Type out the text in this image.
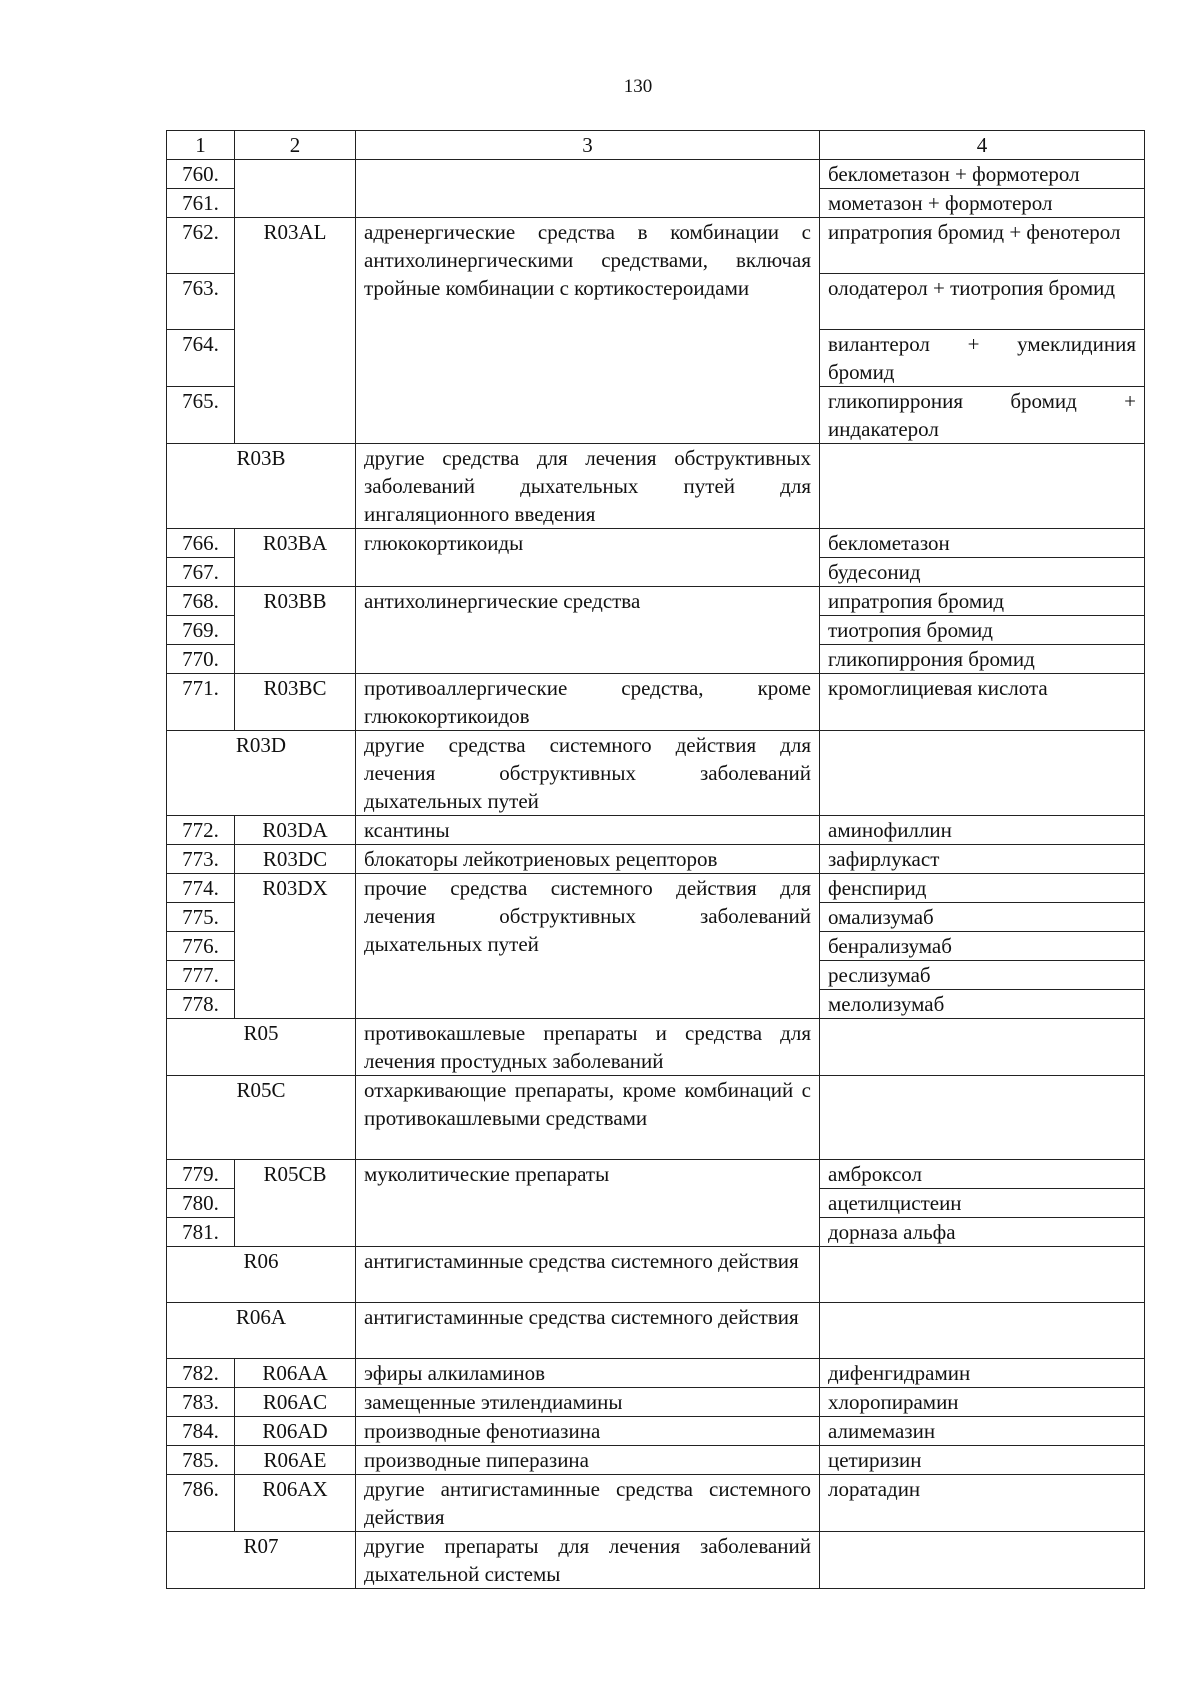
130
1	2	3	4
760.			беклометазон + формотерол
761.			мометазон + формотерол
762.	R03AL	адренергические средства в комбинации с антихолинергическими средствами, включая тройные комбинации с кортикостероидами	ипратропия бромид + фенотерол
763.			олодатерол + тиотропия бромид
764.			вилантерол + умеклидиния бромид
765.			гликопиррония бромид + индакатерол
R03B		другие средства для лечения обструктивных заболеваний дыхательных путей для ингаляционного введения	
766.	R03BA	глюкокортикоиды	беклометазон
767.			будесонид
768.	R03BB	антихолинергические средства	ипратропия бромид
769.			тиотропия бромид
770.			гликопиррония бромид
771.	R03BC	противоаллергические средства, кроме глюкокортикоидов	кромоглициевая кислота
R03D		другие средства системного действия для лечения обструктивных заболеваний дыхательных путей	
772.	R03DA	ксантины	аминофиллин
773.	R03DC	блокаторы лейкотриеновых рецепторов	зафирлукаст
774.	R03DX	прочие средства системного действия для лечения обструктивных заболеваний дыхательных путей	фенспирид
775.			омализумаб
776.			бенрализумаб
777.			реслизумаб
778.			мелолизумаб
R05		противокашлевые препараты и средства для лечения простудных заболеваний	
R05C		отхаркивающие препараты, кроме комбинаций с противокашлевыми средствами	
779.	R05CB	муколитические препараты	амброксол
780.			ацетилцистеин
781.			дорназа альфа
R06		антигистаминные средства системного действия	
R06A		антигистаминные средства системного действия	
782.	R06AA	эфиры алкиламинов	дифенгидрамин
783.	R06AC	замещенные этилендиамины	хлоропирамин
784.	R06AD	производные фенотиазина	алимемазин
785.	R06AE	производные пиперазина	цетиризин
786.	R06AX	другие антигистаминные средства системного действия	лоратадин
R07		другие препараты для лечения заболеваний дыхательной системы	
